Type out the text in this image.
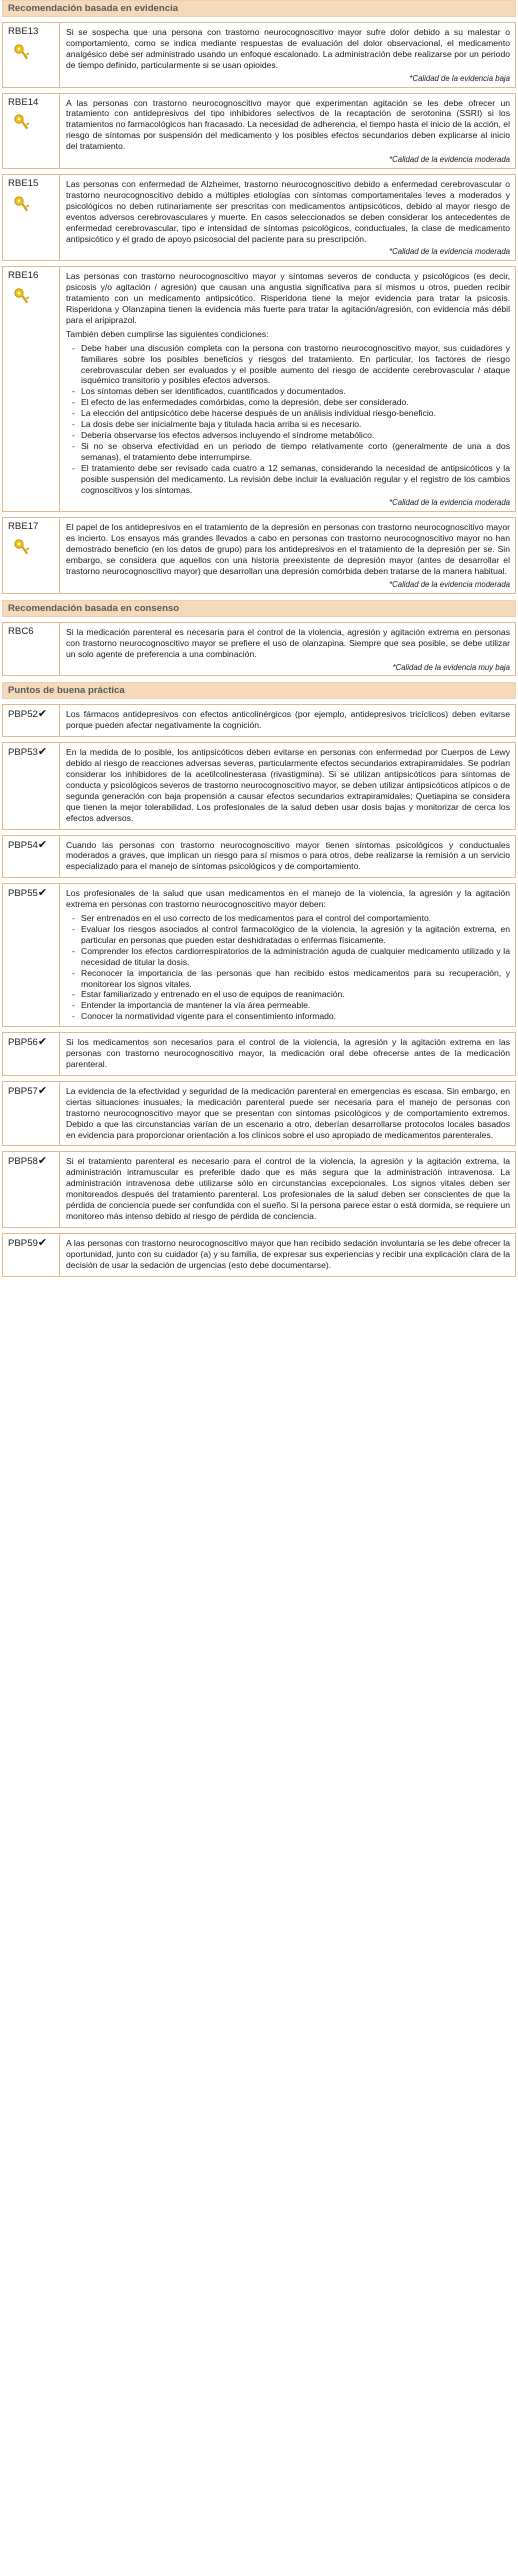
Recomendación basada en evidencia
RBE13	Si se sospecha que una persona con trastorno neurocognoscitivo mayor sufre dolor debido a su malestar o comportamiento, como se indica mediante respuestas de evaluación del dolor observacional, el medicamento analgésico debe ser administrado usando un enfoque escalonado. La administración debe realizarse por un periodo de tiempo definido, particularmente si se usan opioides.

*Calidad de la evidencia baja
RBE14	A las personas con trastorno neurocognoscitivo mayor que experimentan agitación se les debe ofrecer un tratamiento con antidepresivos del tipo inhibidores selectivos de la recaptación de serotonina (SSRI) si los tratamientos no farmacológicos han fracasado. La necesidad de adherencia, el tiempo hasta el inicio de la acción, el riesgo de síntomas por suspensión del medicamento y los posibles efectos secundarios deben explicarse al inicio del tratamiento.

*Calidad de la evidencia moderada
RBE15	Las personas con enfermedad de Alzheimer, trastorno neurocognoscitivo debido a enfermedad cerebrovascular o trastorno neurocognoscitivo debido a múltiples etiologías con síntomas comportamentales leves a moderados y psicológicos no deben rutinariamente ser prescritas con medicamentos antipsicóticos, debido al mayor riesgo de eventos adversos cerebrovasculares y muerte. En casos seleccionados se deben considerar los antecedentes de enfermedad cerebrovascular, tipo e intensidad de síntomas psicológicos, conductuales, la clase de medicamento antipsicótico y el grado de apoyo psicosocial del paciente para su prescripción.

*Calidad de la evidencia moderada
RBE16	Las personas con trastorno neurocognoscitivo mayor y síntomas severos de conducta y psicológicos (es decir, psicosis y/o agitación / agresión) que causan una angustia significativa para sí mismos u otros, pueden recibir tratamiento con un medicamento antipsicótico. Risperidona tiene la mejor evidencia para tratar la psicosis. Risperidona y Olanzapina tienen la evidencia más fuerte para tratar la agitación/agresión, con evidencia más débil para el aripiprazol.

También deben cumplirse las siguientes condiciones:

- Debe haber una discusión completa con la persona con trastorno neurocognoscitivo mayor, sus cuidadores y familiares sobre los posibles beneficios y riesgos del tratamiento. En particular, los factores de riesgo cerebrovascular deben ser evaluados y el posible aumento del riesgo de accidente cerebrovascular / ataque isquémico transitorio y posibles efectos adversos.
- Los síntomas deben ser identificados, cuantificados y documentados.
- El efecto de las enfermedades comórbidas, como la depresión, debe ser considerado.
- La elección del antipsicótico debe hacerse después de un análisis individual riesgo-beneficio.
- La dosis debe ser inicialmente baja y titulada hacia arriba si es necesario.
- Debería observarse los efectos adversos incluyendo el síndrome metabólico.
- Si no se observa efectividad en un periodo de tiempo relativamente corto (generalmente de una a dos semanas), el tratamiento debe interrumpirse.
- El tratamiento debe ser revisado cada cuatro a 12 semanas, considerando la necesidad de antipsicóticos y la posible suspensión del medicamento. La revisión debe incluir la evaluación regular y el registro de los cambios cognoscitivos y los síntomas.
*Calidad de la evidencia moderada
RBE17	El papel de los antidepresivos en el tratamiento de la depresión en personas con trastorno neurocognoscitivo mayor es incierto. Los ensayos más grandes llevados a cabo en personas con trastorno neurocognoscitivo mayor no han demostrado beneficio (en los datos de grupo) para los antidepresivos en el tratamiento de la depresión per se. Sin embargo, se considera que aquellos con una historia preexistente de depresión mayor (antes de desarrollar el trastorno neurocognoscitivo mayor) que desarrollan una depresión comórbida deben tratarse de la manera habitual.

*Calidad de la evidencia moderada
Recomendación basada en consenso
RBC6	Si la medicación parenteral es necesaria para el control de la violencia, agresión y agitación extrema en personas con trastorno neurocognoscitivo mayor se prefiere el uso de olanzapina. Siempre que sea posible, se debe utilizar un solo agente de preferencia a una combinación.

*Calidad de la evidencia muy baja
Puntos de buena práctica
PBP52✔	Los fármacos antidepresivos con efectos anticolinérgicos (por ejemplo, antidepresivos tricíclicos) deben evitarse porque pueden afectar negativamente la cognición.

PBP53✔	En la medida de lo posible, los antipsicóticos deben evitarse en personas con enfermedad por Cuerpos de Lewy debido al riesgo de reacciones adversas severas, particularmente efectos secundarios extrapiramidales. Se podrían considerar los inhibidores de la acetilcolinesterasa (rivastigmina). Si se utilizan antipsicóticos para síntomas de conducta y psicológicos severos de trastorno neurocognoscitivo mayor, se deben utilizar antipsicóticos atípicos o de segunda generación con baja propensión a causar efectos secundarios extrapiramidales; Quetiapina se considera que tienen la mejor tolerabilidad. Los profesionales de la salud deben usar dosis bajas y monitorizar de cerca los efectos adversos.

PBP54✔	Cuando las personas con trastorno neurocognoscitivo mayor tienen síntomas psicológicos y conductuales moderados a graves, que implican un riesgo para sí mismos o para otros, debe realizarse la remisión a un servicio especializado para el manejo de síntomas psicológicos y de comportamiento.

PBP55✔	Los profesionales de la salud que usan medicamentos en el manejo de la violencia, la agresión y la agitación extrema en personas con trastorno neurocognoscitivo mayor deben:

- Ser entrenados en el uso correcto de los medicamentos para el control del comportamiento.
- Evaluar los riesgos asociados al control farmacológico de la violencia, la agresión y la agitación extrema, en particular en personas que pueden estar deshidratadas o enfermas físicamente.
- Comprender los efectos cardiorrespiratorios de la administración aguda de cualquier medicamento utilizado y la necesidad de titular la dosis.
- Reconocer la importancia de las personas que han recibido estos medicamentos para su recuperación, y monitorear los signos vitales.
- Estar familiarizado y entrenado en el uso de equipos de reanimación.
- Entender la importancia de mantener la vía área permeable.
- Conocer la normatividad vigente para el consentimiento informado.
PBP56✔	Si los medicamentos son necesarios para el control de la violencia, la agresión y la agitación extrema en las personas con trastorno neurocognoscitivo mayor, la medicación oral debe ofrecerse antes de la medicación parenteral.

PBP57✔	La evidencia de la efectividad y seguridad de la medicación parenteral en emergencias es escasa. Sin embargo, en ciertas situaciones inusuales, la medicación parenteral puede ser necesaria para el manejo de personas con trastorno neurocognoscitivo mayor que se presentan con síntomas psicológicos y de comportamiento extremos. Debido a que las circunstancias varían de un escenario a otro, deberían desarrollarse protocolos locales basados en evidencia para proporcionar orientación a los clínicos sobre el uso apropiado de medicamentos parenterales.

PBP58✔	Si el tratamiento parenteral es necesario para el control de la violencia, la agresión y la agitación extrema, la administración intramuscular es preferible dado que es más segura que la administración intravenosa. La administración intravenosa debe utilizarse sólo en circunstancias excepcionales. Los signos vitales deben ser monitoreados después del tratamiento parenteral. Los profesionales de la salud deben ser conscientes de que la pérdida de conciencia puede ser confundida con el sueño. Si la persona parece estar o está dormida, se requiere un monitoreo más intenso debido al riesgo de pérdida de conciencia.

PBP59✔	A las personas con trastorno neurocognoscitivo mayor que han recibido sedación involuntaria se les debe ofrecer la oportunidad, junto con su cuidador (a) y su familia, de expresar sus experiencias y recibir una explicación clara de la decisión de usar la sedación de urgencias (esto debe documentarse).
